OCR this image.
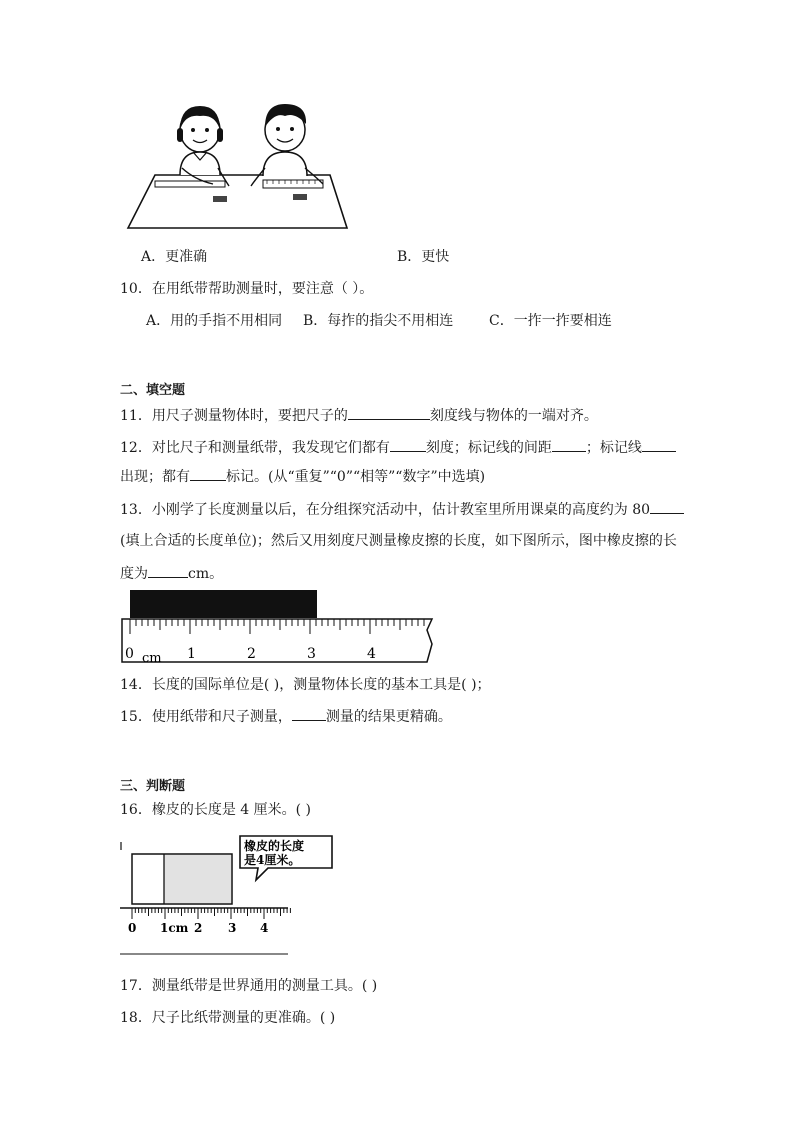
A．更准确	B．更快
10．在用纸带帮助测量时，要注意（ ）。
A．用的手指不用相同 B．每拃的指尖不用相连	C．一拃一拃要相连
二、填空题
11．用尺子测量物体时，要把尺子的	刻度线与物体的一端对齐。
12．对比尺子和测量纸带，我发现它们都有	刻度；标记线的间距 ；标记线
出现；都有	标记。(从“重复”“0”“相等”“数字”中选填)
13．小刚学了长度测量以后，在分组探究活动中，估计教室里所用课桌的高度约为 80
(填上合适的长度单位)；然后又用刻度尺测量橡皮擦的长度，如下图所示，图中橡皮擦的长
度为	cm。
0 cm 1	2	3	4
14．长度的国际单位是( )，测量物体长度的基本工具是( )；
15．使用纸带和尺子测量， 测量的结果更精确。
三、判断题
16．橡皮的长度是 4 厘米。( )
橡皮的长度
是4厘米。
0 1cm 2 3 4
17．测量纸带是世界通用的测量工具。( )
18．尺子比纸带测量的更准确。( )
